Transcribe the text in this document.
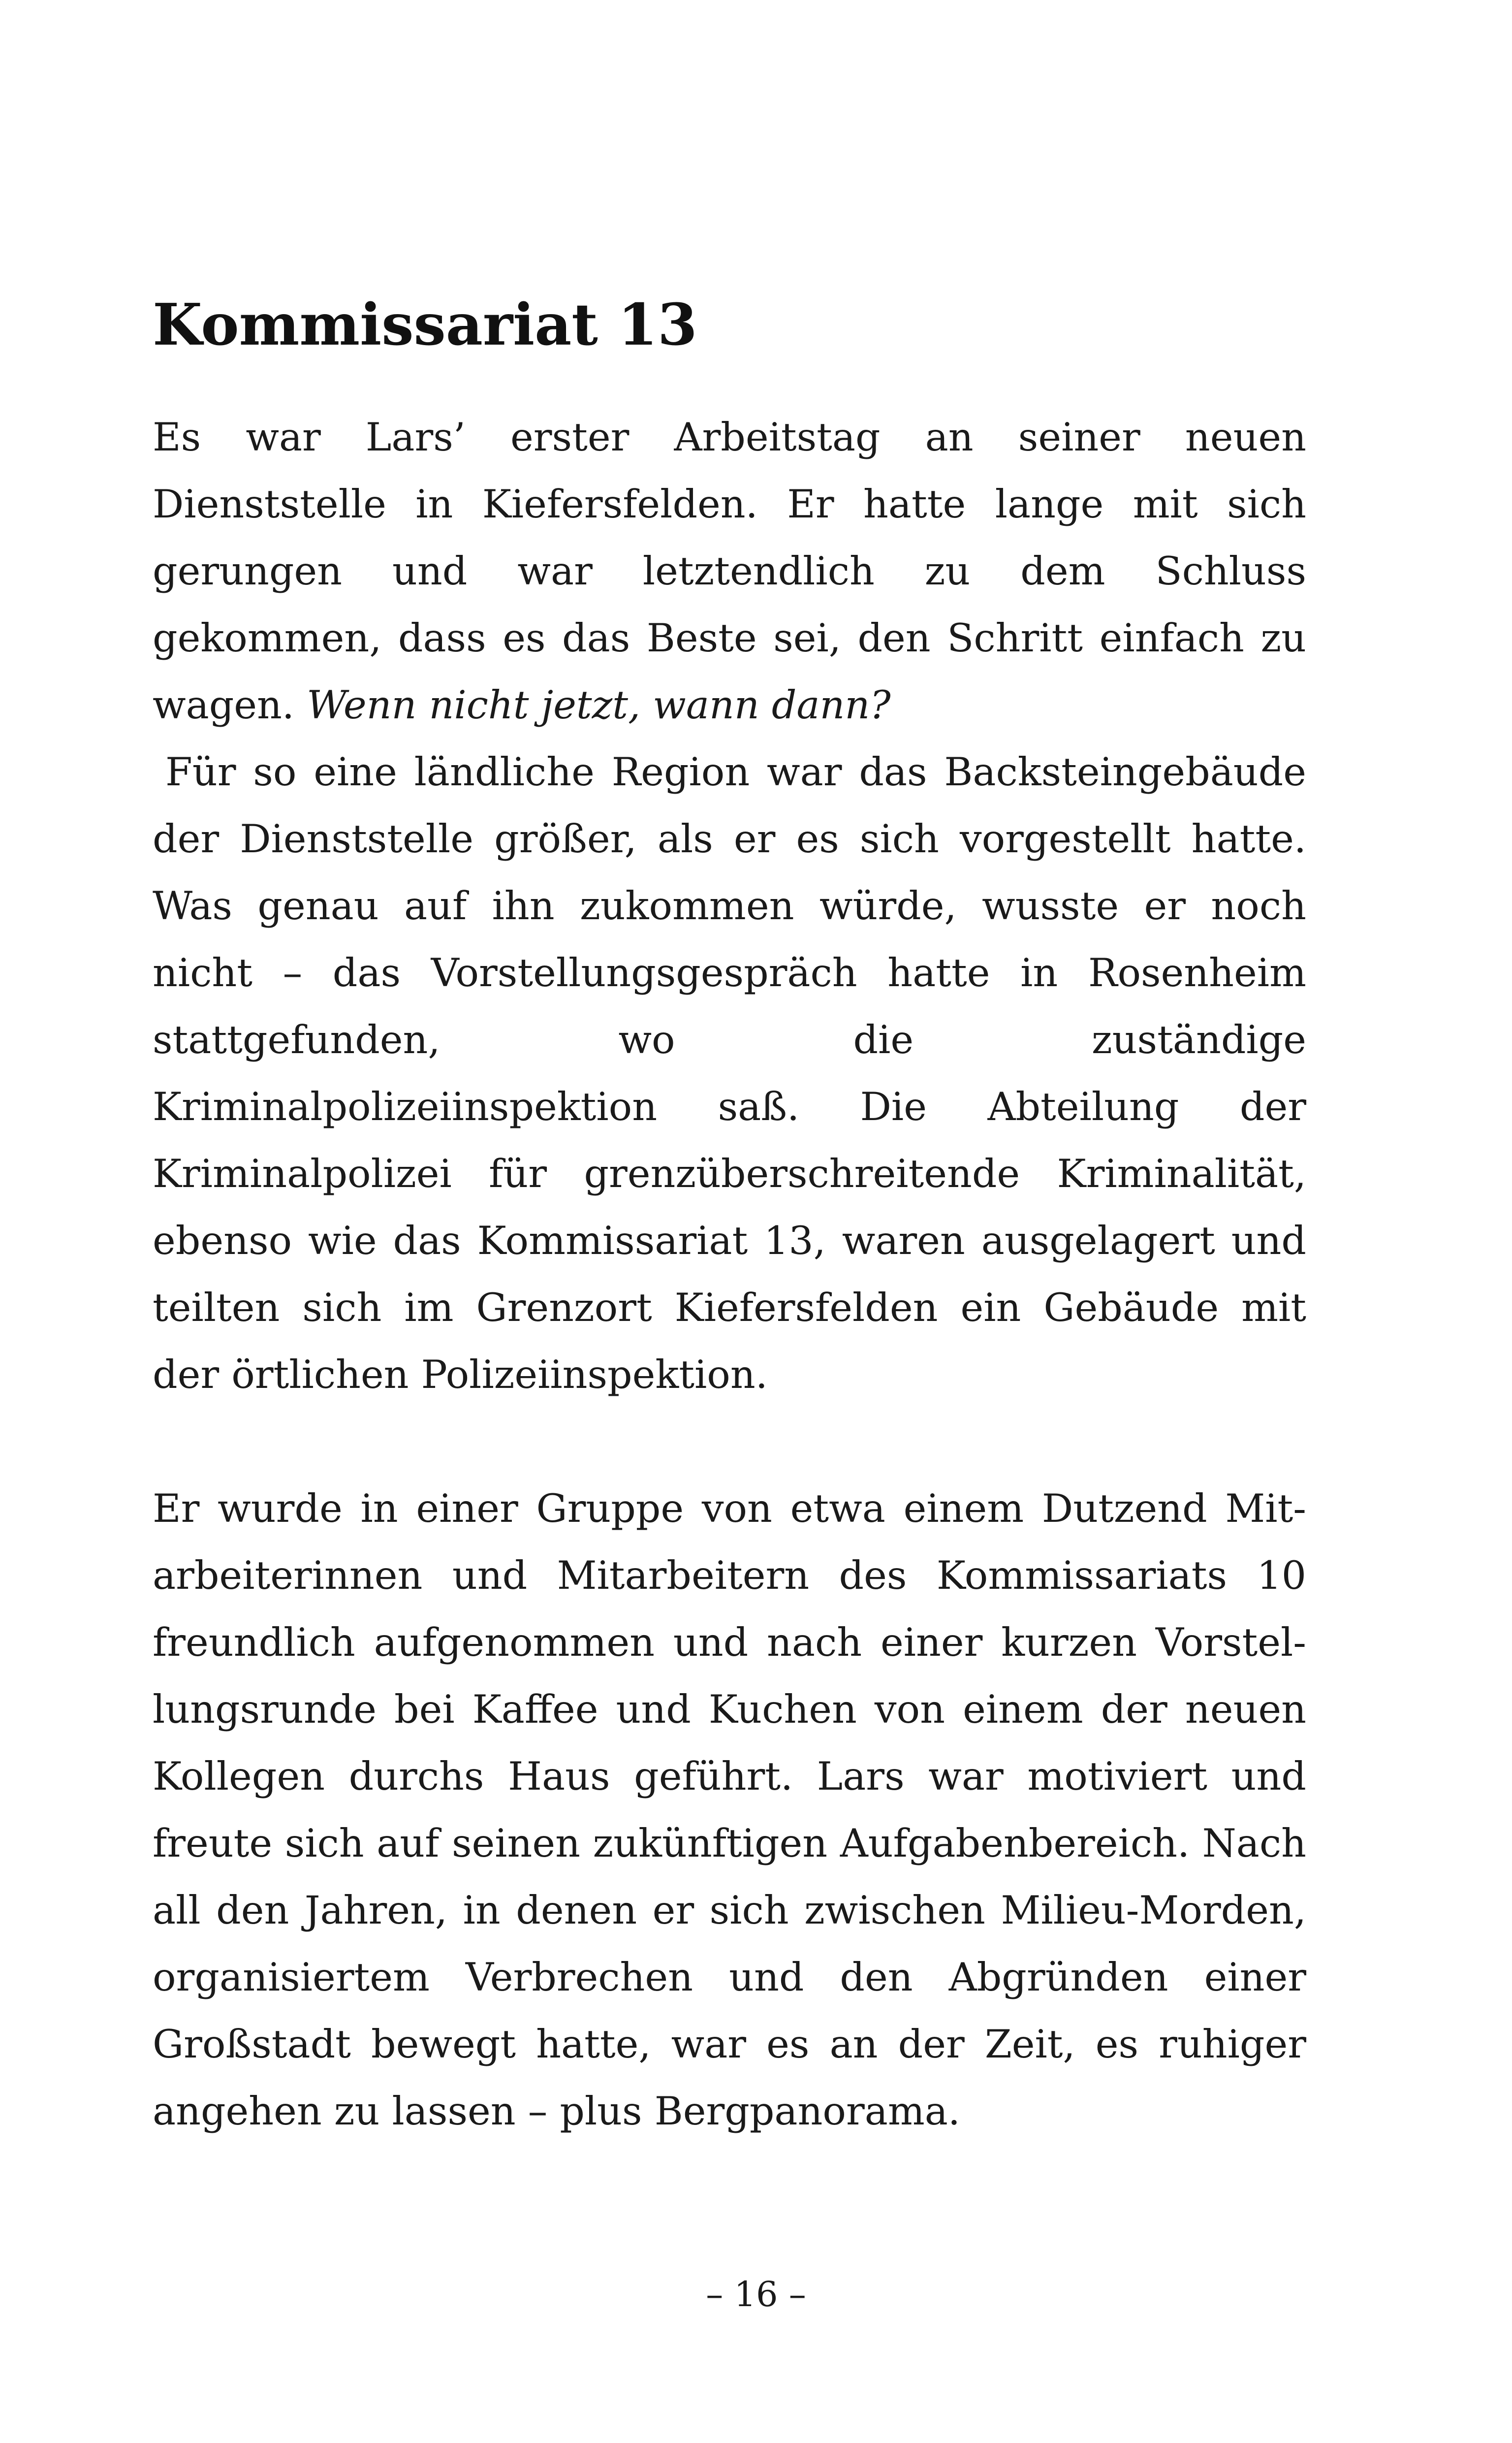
Kommissariat 13

Es war Lars’ erster Arbeitstag an seiner neuen Dienststelle in Kiefersfelden. Er hatte lange mit sich gerungen und war letztendlich zu dem Schluss gekommen, dass es das Beste sei, den Schritt einfach zu wagen. Wenn nicht jetzt, wann dann?

Für so eine ländliche Region war das Backsteingebäude der Dienststelle größer, als er es sich vorgestellt hatte. Was genau auf ihn zukommen würde, wusste er noch nicht – das Vorstellungsgespräch hatte in Rosenheim stattgefunden, wo die zuständige Kriminalpolizeiinspektion saß. Die Abteilung der Kriminalpolizei für grenzüberschreitende Kriminalität, ebenso wie das Kommissariat 13, waren ausgelagert und teilten sich im Grenzort Kiefersfelden ein Gebäude mit der örtlichen Polizeiinspektion.

Er wurde in einer Gruppe von etwa einem Dutzend Mitarbeiterinnen und Mitarbeitern des Kommissariats 10 freundlich aufgenommen und nach einer kurzen Vorstellungsrunde bei Kaffee und Kuchen von einem der neuen Kollegen durchs Haus geführt. Lars war motiviert und freute sich auf seinen zukünftigen Aufgabenbereich. Nach all den Jahren, in denen er sich zwischen Milieu-Morden, organisiertem Verbrechen und den Abgründen einer Großstadt bewegt hatte, war es an der Zeit, es ruhiger angehen zu lassen – plus Bergpanorama.

– 16 –
